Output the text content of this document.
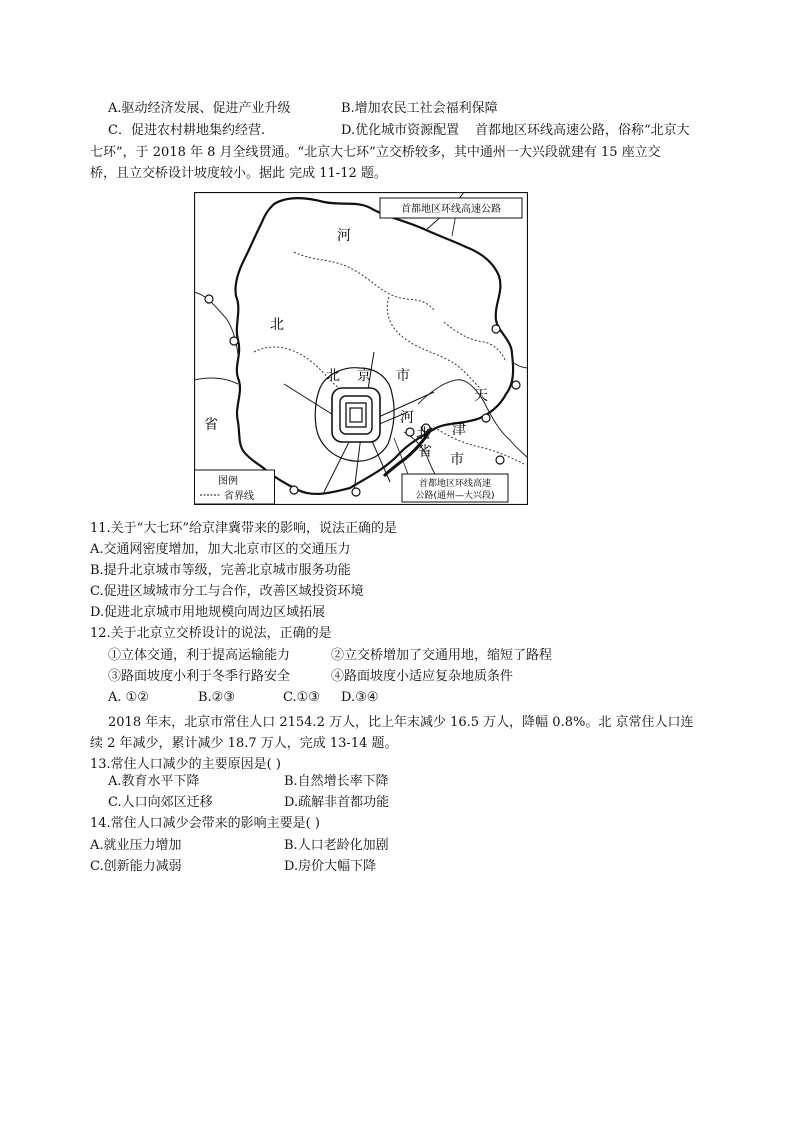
A.驱动经济发展、促进产业升级	B.增加农民工社会福利保障
C．促进农村耕地集约经营.	D.优化城市资源配置 首都地区环线高速公路，俗称“北京大
七环”，于 2018 年 8 月全线贯通。“北京大七环”立交桥较多，其中通州一大兴段就建有 15 座立交
桥，且立交桥设计坡度较小。据此 完成 11-12 题。
首都地区环线高速公路
首都地区环线高速
公路(通州—大兴段)
图例
省界线
河
北
省
北 京 市
天
津
市
河
北
省
11.关于“大七环”给京津冀带来的影响，说法正确的是
A.交通网密度增加，加大北京市区的交通压力
B.提升北京城市等级，完善北京城市服务功能
C.促进区域城市分工与合作，改善区域投资环境
D.促进北京城市用地规模向周边区域拓展
12.关于北京立交桥设计的说法，正确的是
①立体交通，利于提高运输能力	②立交桥增加了交通用地，缩短了路程
③路面坡度小利于冬季行路安全	④路面坡度小适应复杂地质条件
A. ①②	B.②③	C.①③ D.③④
2018 年末，北京市常住人口 2154.2 万人，比上年末减少 16.5 万人，降幅 0.8%。北 京常住人口连
续 2 年减少，累计减少 18.7 万人，完成 13-14 题。
13.常住人口减少的主要原因是( )
A.教育水平下降	B.自然增长率下降
C.人口向郊区迁移	D.疏解非首都功能
14.常住人口减少会带来的影响主要是( )
A.就业压力增加	B.人口老龄化加剧
C.创新能力减弱	D.房价大幅下降
